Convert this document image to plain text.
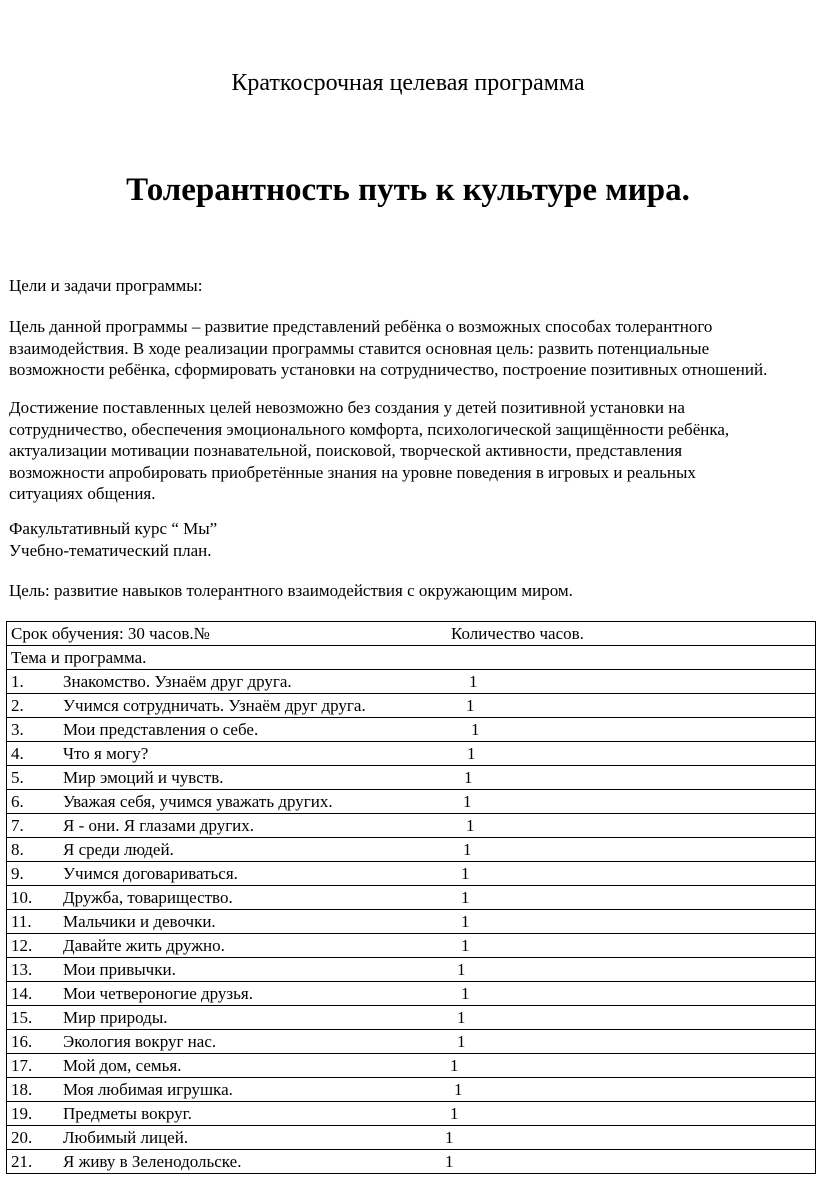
Краткосрочная целевая программа
Толерантность путь к культуре мира.
Цели и задачи программы:
Цель данной программы – развитие представлений ребёнка о возможных способах толерантного
взаимодействия. В ходе реализации программы ставится основная цель: развить потенциальные
возможности ребёнка, сформировать установки на сотрудничество, построение позитивных отношений.
Достижение поставленных целей невозможно без создания у детей позитивной установки на
сотрудничество, обеспечения эмоционального комфорта, психологической защищённости ребёнка,
актуализации мотивации познавательной, поисковой, творческой активности, представления
возможности апробировать приобретённые знания на уровне поведения в игровых и реальных
ситуациях общения.
Факультативный курс “ Мы”
Учебно-тематический план.
Цель: развитие навыков толерантного взаимодействия с окружающим миром.
Срок обучения: 30 часов.№	Количество часов.

Тема и программа.

1. Знакомство. Узнаём друг друга.	1

2. Учимся сотрудничать. Узнаём друг друга.	1

3. Мои представления о себе.	1

4. Что я могу?	1

5. Мир эмоций и чувств.	1

6. Уважая себя, учимся уважать других.	1

7. Я - они. Я глазами других.	1

8. Я среди людей.	1

9. Учимся договариваться.	1

10. Дружба, товарищество.	1

11. Мальчики и девочки.	1

12. Давайте жить дружно.	1

13. Мои привычки.	1

14. Мои четвероногие друзья.	1

15. Мир природы.	1

16. Экология вокруг нас.	1

17. Мой дом, семья.	1

18. Моя любимая игрушка.	1

19. Предметы вокруг.	1

20. Любимый лицей.	1

21. Я живу в Зеленодольске.	1
